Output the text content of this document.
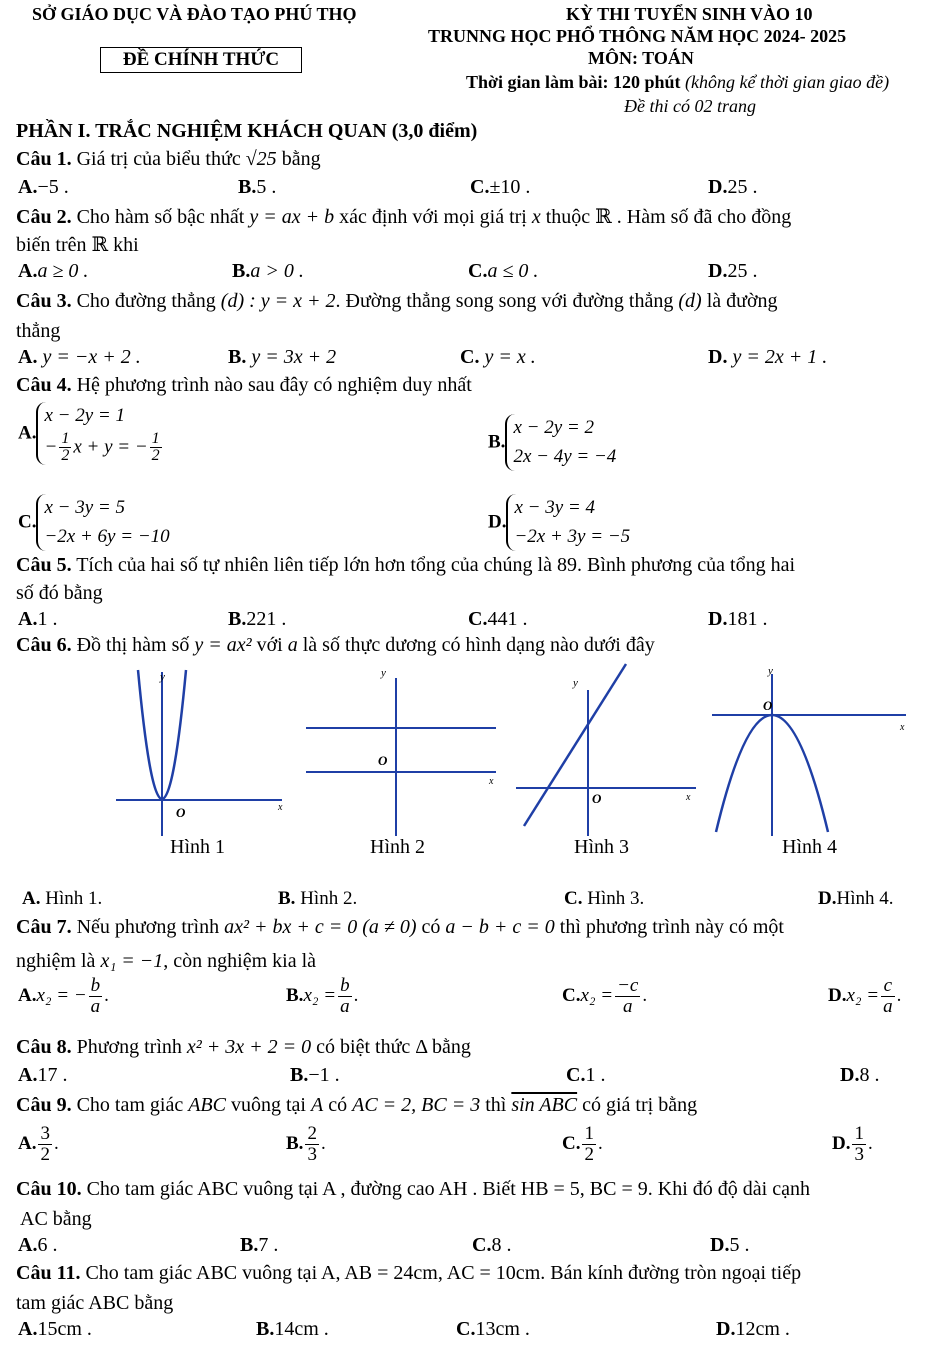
SỞ GIÁO DỤC VÀ ĐÀO TẠO PHÚ THỌ	KỲ THI TUYỂN SINH VÀO 10
TRUNNG HỌC PHỔ THÔNG NĂM HỌC 2024- 2025
ĐỀ CHÍNH THỨC	MÔN: TOÁN
Thời gian làm bài: 120 phút (không kể thời gian giao đề)
Đề thi có 02 trang
PHẦN I. TRẮC NGHIỆM KHÁCH QUAN (3,0 điểm)
Câu 1. Giá trị của biểu thức √25 bằng
A.−5 .	B.5 .	C.±10 .	D.25 .
Câu 2. Cho hàm số bậc nhất y = ax + b xác định với mọi giá trị x thuộc ℝ . Hàm số đã cho đồng
biến trên ℝ khi
A.a ≥ 0 .	B.a > 0 .	C.a ≤ 0 .	D.25 .
Câu 3. Cho đường thẳng (d) : y = x + 2. Đường thẳng song song với đường thẳng (d) là đường
thẳng
A. y = −x + 2 .	B. y = 3x + 2	C. y = x .	D. y = 2x + 1 .
Câu 4. Hệ phương trình nào sau đây có nghiệm duy nhất
A.
x − 2y = 1
− $\frac{1}{2}$ x + y = − $\frac{1}{2}$	B.
x − 2y = 2
2x − 4y = −4
C.
x − 3y = 5
−2x + 6y = −10
D.
x − 3y = 4
−2x + 3y = −5
Câu 5. Tích của hai số tự nhiên liên tiếp lớn hơn tổng của chúng là 89. Bình phương của tổng hai
số đó bằng
A.1 .	B.221 .	C.441 .	D.181 .
Câu 6. Đồ thị hàm số y = ax² với a là số thực dương có hình dạng nào dưới đây
y
x
O
y
x
O
y
x
O
y
x
O
Hình 1	Hình 2	Hình 3	Hình 4
A. Hình 1.	B. Hình 2.	C. Hình 3.	D.Hình 4.
Câu 7. Nếu phương trình ax² + bx + c = 0 (a ≠ 0) có a − b + c = 0 thì phương trình này có một
nghiệm là x₁ = −1, còn nghiệm kia là
A.x₂ = − $\frac{b}{a}$ .	$B.x_2 = \frac{b}{a}$ .	$C.x_2 = \frac{-c}{a}$ .	$D.x_2 = \frac{c}{a}$ .
Câu 8. Phương trình x² + 3x + 2 = 0 có biệt thức Δ bằng
A.17 .	B.−1 .	C.1 .	D.8 .
Câu 9. Cho tam giác ABC vuông tại A có AC = 2, BC = 3 thì sin ABC có giá trị bằng
A. $\frac{3}{2}$ .	B. $\frac{2}{3}$ .	C. $\frac{1}{2}$ .	D. $\frac{1}{3}$ .
Câu 10. Cho tam giác ABC vuông tại A , đường cao AH . Biết HB = 5, BC = 9. Khi đó độ dài cạnh
AC bằng
A.6 .	B.7 .	C.8 .	D.5 .
Câu 11. Cho tam giác ABC vuông tại A, AB = 24cm, AC = 10cm. Bán kính đường tròn ngoại tiếp
tam giác ABC bằng
A.15cm .	B.14cm .	C.13cm .	D.12cm .
